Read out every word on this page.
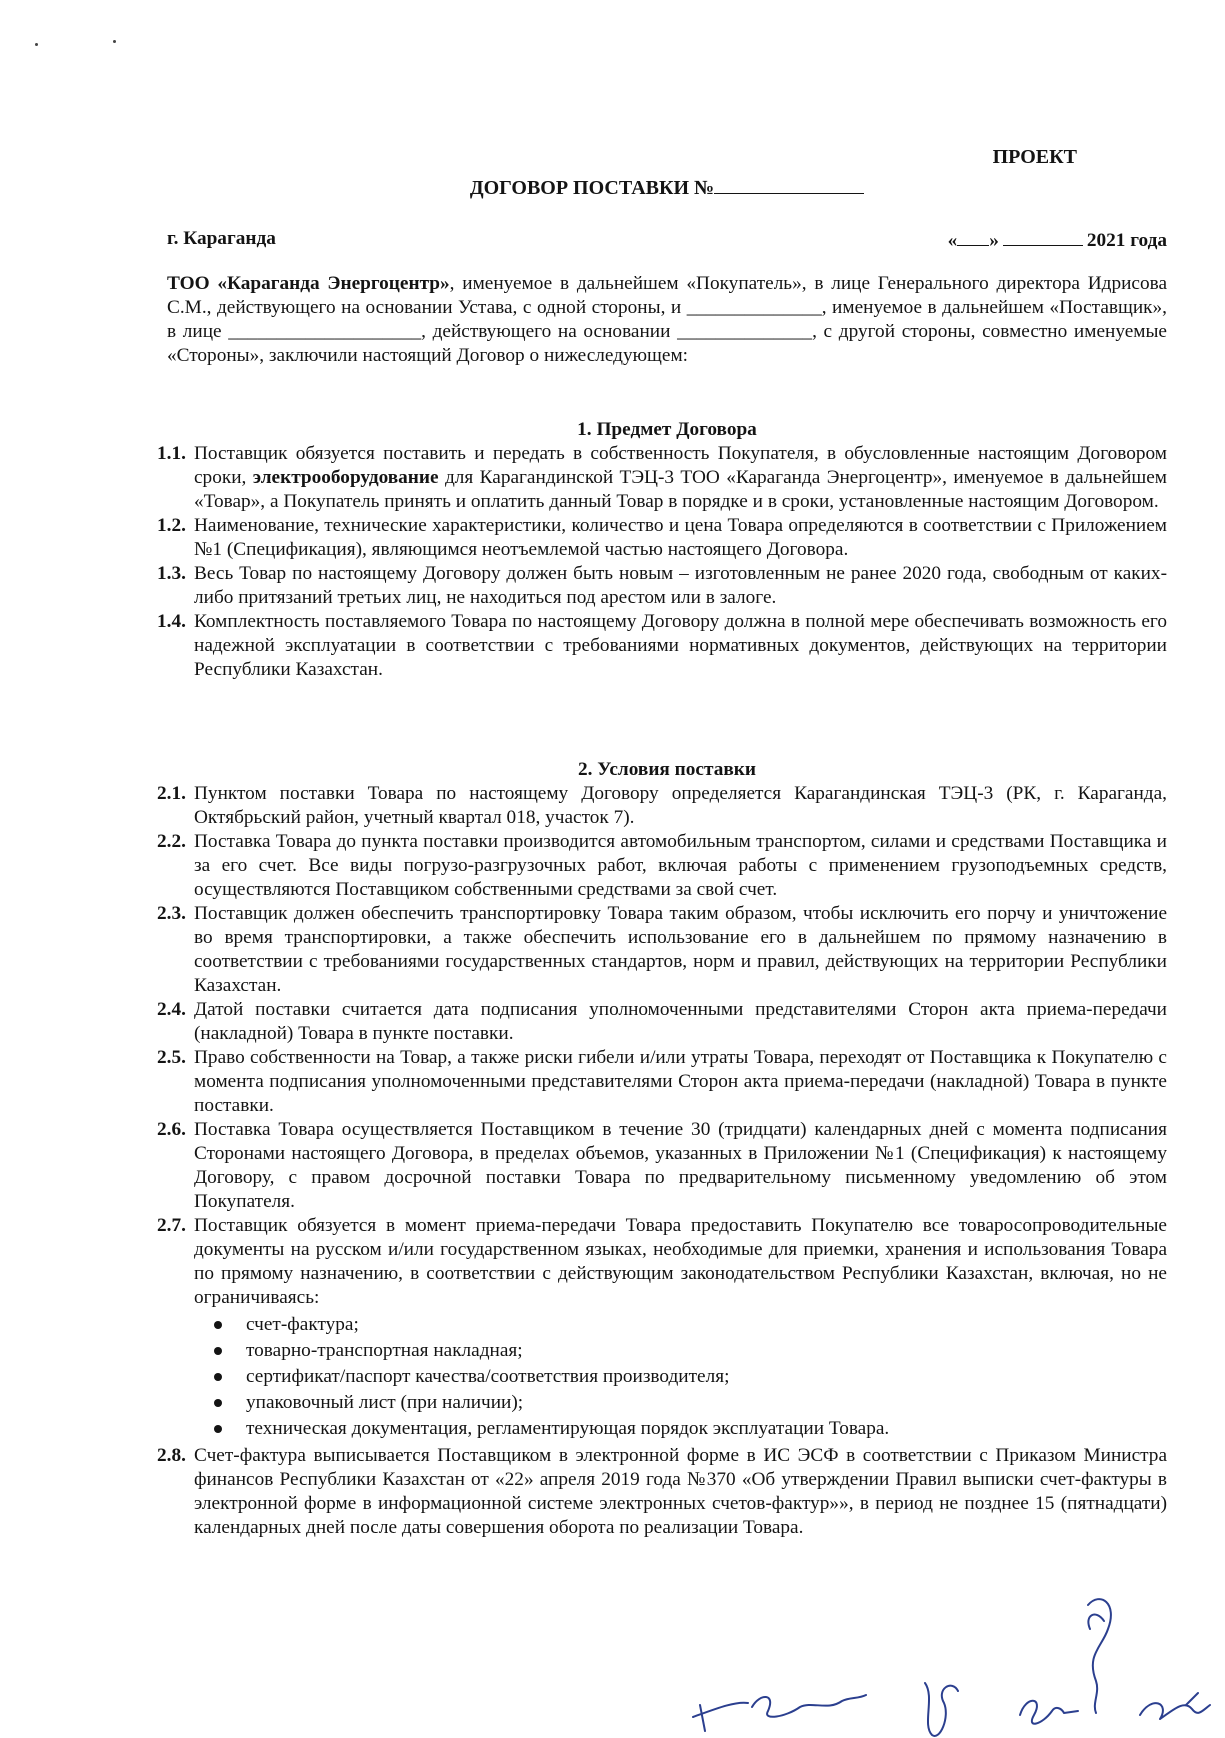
ПРОЕКТ
ДОГОВОР ПОСТАВКИ №
г. Караганда	« »	2021 года
ТОО «Караганда Энергоцентр», именуемое в дальнейшем «Покупатель», в лице Генерального директора Идрисова С.М., действующего на основании Устава, с одной стороны, и ______________, именуемое в дальнейшем «Поставщик», в лице ____________________, действующего на основании ______________, с другой стороны, совместно именуемые «Стороны», заключили настоящий Договор о нижеследующем:
1. Предмет Договора
1.1. Поставщик обязуется поставить и передать в собственность Покупателя, в обусловленные настоящим Договором сроки, электрооборудование для Карагандинской ТЭЦ-3 ТОО «Караганда Энергоцентр», именуемое в дальнейшем «Товар», а Покупатель принять и оплатить данный Товар в порядке и в сроки, установленные настоящим Договором.
1.2. Наименование, технические характеристики, количество и цена Товара определяются в соответствии с Приложением №1 (Спецификация), являющимся неотъемлемой частью настоящего Договора.
1.3. Весь Товар по настоящему Договору должен быть новым – изготовленным не ранее 2020 года, свободным от каких-либо притязаний третьих лиц, не находиться под арестом или в залоге.
1.4. Комплектность поставляемого Товара по настоящему Договору должна в полной мере обеспечивать возможность его надежной эксплуатации в соответствии с требованиями нормативных документов, действующих на территории Республики Казахстан.
2. Условия поставки
2.1. Пунктом поставки Товара по настоящему Договору определяется Карагандинская ТЭЦ-3 (РК, г. Караганда, Октябрьский район, учетный квартал 018, участок 7).
2.2. Поставка Товара до пункта поставки производится автомобильным транспортом, силами и средствами Поставщика и за его счет. Все виды погрузо-разгрузочных работ, включая работы с применением грузоподъемных средств, осуществляются Поставщиком собственными средствами за свой счет.
2.3. Поставщик должен обеспечить транспортировку Товара таким образом, чтобы исключить его порчу и уничтожение во время транспортировки, а также обеспечить использование его в дальнейшем по прямому назначению в соответствии с требованиями государственных стандартов, норм и правил, действующих на территории Республики Казахстан.
2.4. Датой поставки считается дата подписания уполномоченными представителями Сторон акта приема-передачи (накладной) Товара в пункте поставки.
2.5. Право собственности на Товар, а также риски гибели и/или утраты Товара, переходят от Поставщика к Покупателю с момента подписания уполномоченными представителями Сторон акта приема-передачи (накладной) Товара в пункте поставки.
2.6. Поставка Товара осуществляется Поставщиком в течение 30 (тридцати) календарных дней с момента подписания Сторонами настоящего Договора, в пределах объемов, указанных в Приложении №1 (Спецификация) к настоящему Договору, с правом досрочной поставки Товара по предварительному письменному уведомлению об этом Покупателя.
2.7. Поставщик обязуется в момент приема-передачи Товара предоставить Покупателю все товаросопроводительные документы на русском и/или государственном языках, необходимые для приемки, хранения и использования Товара по прямому назначению, в соответствии с действующим законодательством Республики Казахстан, включая, но не ограничиваясь:
счет-фактура;
товарно-транспортная накладная;
сертификат/паспорт качества/соответствия производителя;
упаковочный лист (при наличии);
техническая документация, регламентирующая порядок эксплуатации Товара.
2.8. Счет-фактура выписывается Поставщиком в электронной форме в ИС ЭСФ в соответствии с Приказом Министра финансов Республики Казахстан от «22» апреля 2019 года №370 «Об утверждении Правил выписки счет-фактуры в электронной форме в информационной системе электронных счетов-фактур»», в период не позднее 15 (пятнадцати) календарных дней после даты совершения оборота по реализации Товара.
